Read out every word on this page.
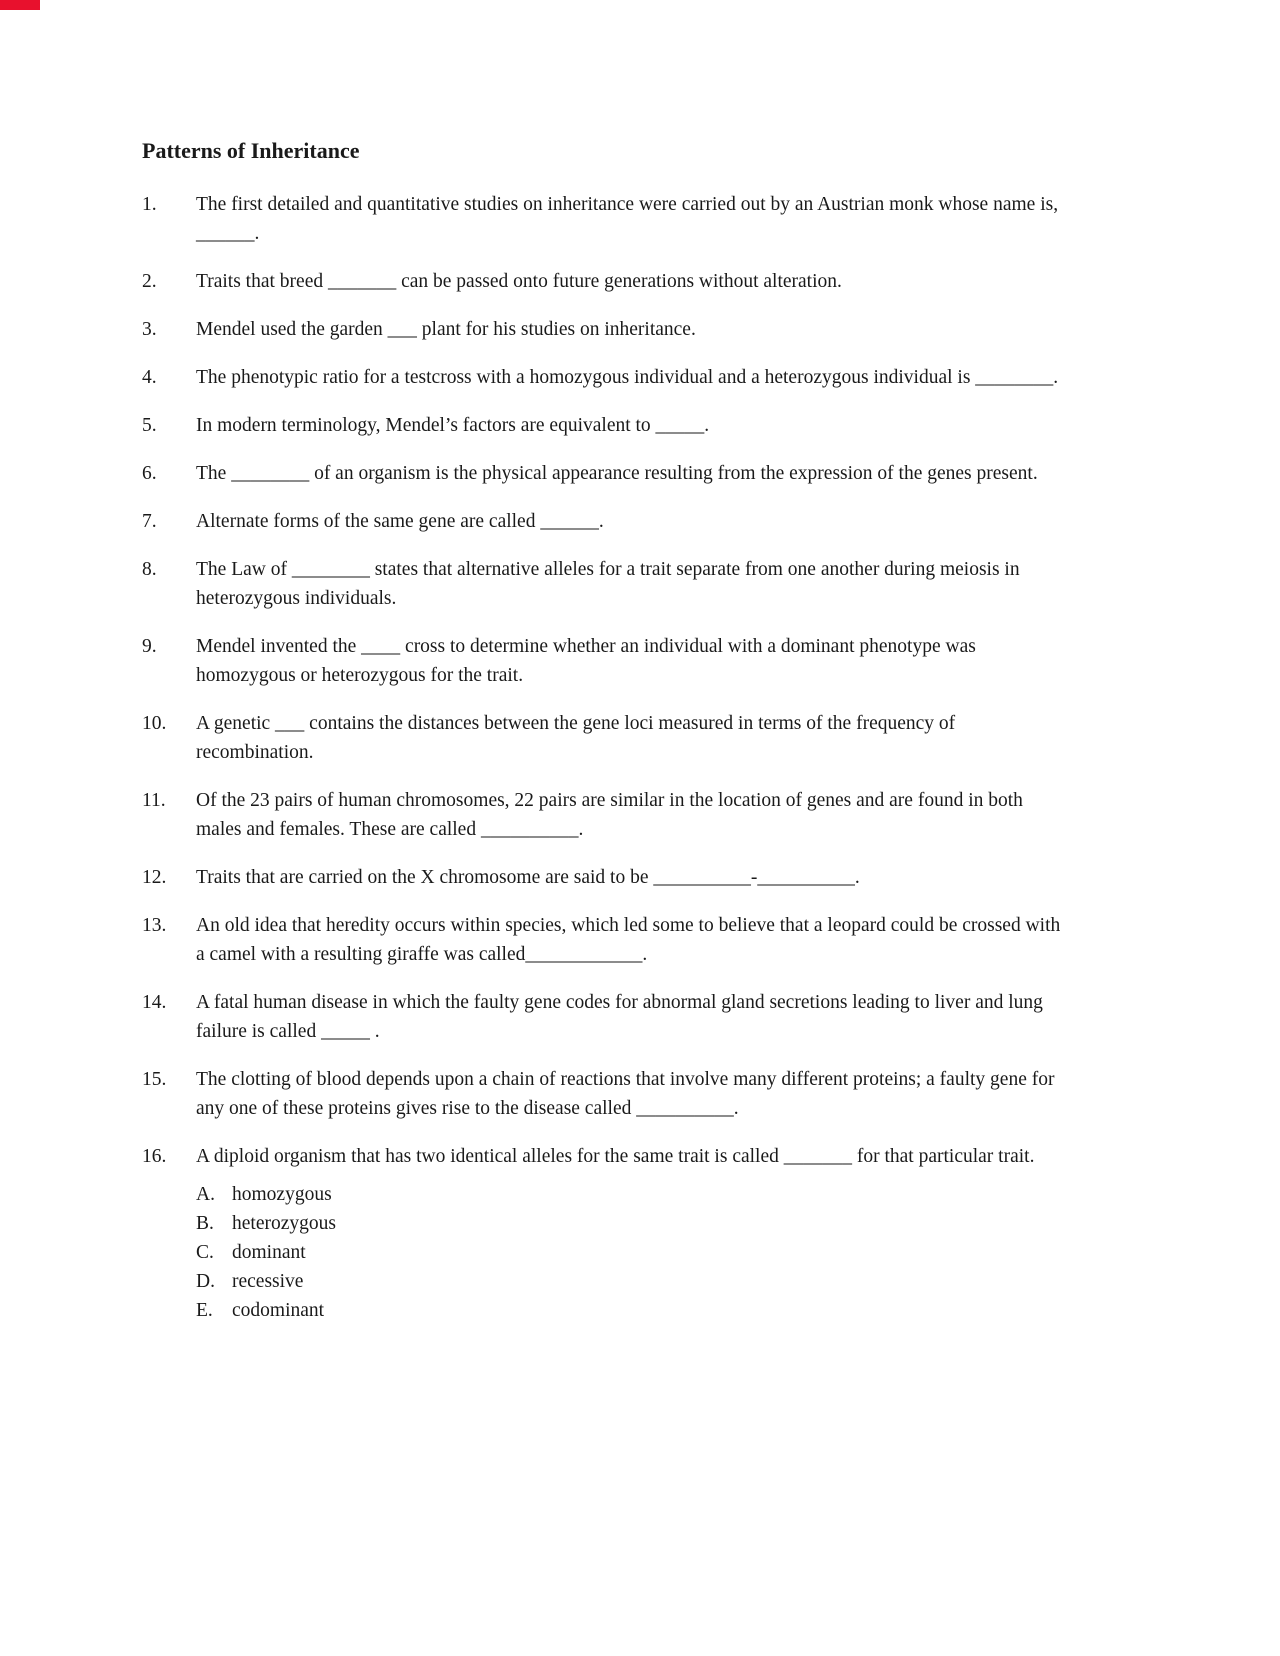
Patterns of Inheritance
1.	The first detailed and quantitative studies on inheritance were carried out by an Austrian monk whose name is, ______.
2.	Traits that breed _______ can be passed onto future generations without alteration.
3.	Mendel used the garden ___ plant for his studies on inheritance.
4.	The phenotypic ratio for a testcross with a homozygous individual and a heterozygous individual is ________.
5.	In modern terminology, Mendel’s factors are equivalent to _____.
6.	The ________ of an organism is the physical appearance resulting from the expression of the genes present.
7.	Alternate forms of the same gene are called ______.
8.	The Law of ________ states that alternative alleles for a trait separate from one another during meiosis in heterozygous individuals.
9.	Mendel invented the ____ cross to determine whether an individual with a dominant phenotype was homozygous or heterozygous for the trait.
10.	A genetic ___ contains the distances between the gene loci measured in terms of the frequency of recombination.
11.	Of the 23 pairs of human chromosomes, 22 pairs are similar in the location of genes and are found in both males and females. These are called __________.
12.	Traits that are carried on the X chromosome are said to be __________-__________.
13.	An old idea that heredity occurs within species, which led some to believe that a leopard could be crossed with a camel with a resulting giraffe was called____________.
14.	A fatal human disease in which the faulty gene codes for abnormal gland secretions leading to liver and lung failure is called _____ .
15.	The clotting of blood depends upon a chain of reactions that involve many different proteins; a faulty gene for any one of these proteins gives rise to the disease called __________.
16.	A diploid organism that has two identical alleles for the same trait is called _______ for that particular trait.
A. homozygous
B. heterozygous
C. dominant
D. recessive
E. codominant
